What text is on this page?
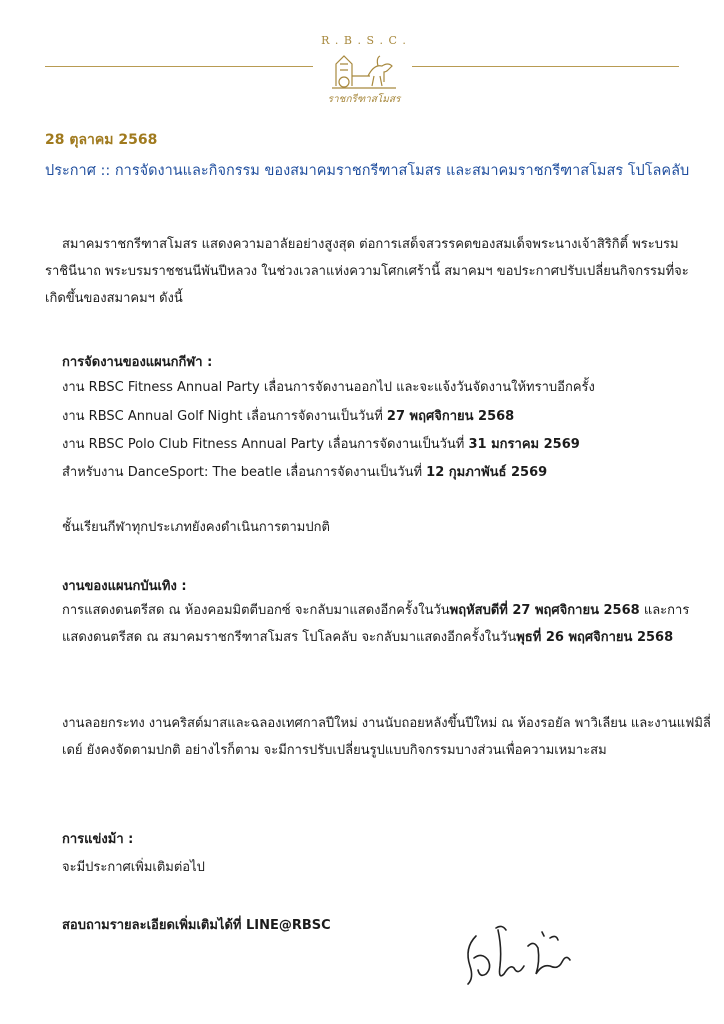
R . B . S . C .
ราชกรีฑาสโมสร
28 ตุลาคม 2568
ประกาศ :: การจัดงานและกิจกรรม ของสมาคมราชกรีฑาสโมสร และสมาคมราชกรีฑาสโมสร โปโลคลับ
สมาคมราชกรีฑาสโมสร แสดงความอาลัยอย่างสูงสุด ต่อการเสด็จสวรรคตของสมเด็จพระนางเจ้าสิริกิติ์ พระบรมราชินีนาถ พระบรมราชชนนีพันปีหลวง ในช่วงเวลาแห่งความโศกเศร้านี้ สมาคมฯ ขอประกาศปรับเปลี่ยนกิจกรรมที่จะเกิดขึ้นของสมาคมฯ ดังนี้
การจัดงานของแผนกกีฬา :
งาน RBSC Fitness Annual Party เลื่อนการจัดงานออกไป และจะแจ้งวันจัดงานให้ทราบอีกครั้ง
งาน RBSC Annual Golf Night เลื่อนการจัดงานเป็นวันที่ 27 พฤศจิกายน 2568
งาน RBSC Polo Club Fitness Annual Party เลื่อนการจัดงานเป็นวันที่ 31 มกราคม 2569
สำหรับงาน DanceSport: The beatle เลื่อนการจัดงานเป็นวันที่ 12 กุมภาพันธ์ 2569
ชั้นเรียนกีฬาทุกประเภทยังคงดำเนินการตามปกติ
งานของแผนกบันเทิง :
การแสดงดนตรีสด ณ ห้องคอมมิตตีบอกซ์ จะกลับมาแสดงอีกครั้งในวันพฤหัสบดีที่ 27 พฤศจิกายน 2568 และการแสดงดนตรีสด ณ สมาคมราชกรีฑาสโมสร โปโลคลับ จะกลับมาแสดงอีกครั้งในวันพุธที่ 26 พฤศจิกายน 2568
งานลอยกระทง งานคริสต์มาสและฉลองเทศกาลปีใหม่ งานนับถอยหลังขึ้นปีใหม่ ณ ห้องรอยัล พาวิเลียน และงานแฟมิลี่เดย์ ยังคงจัดตามปกติ อย่างไรก็ตาม จะมีการปรับเปลี่ยนรูปแบบกิจกรรมบางส่วนเพื่อความเหมาะสม
การแข่งม้า :
จะมีประกาศเพิ่มเติมต่อไป
สอบถามรายละเอียดเพิ่มเติมได้ที่ LINE@RBSC
